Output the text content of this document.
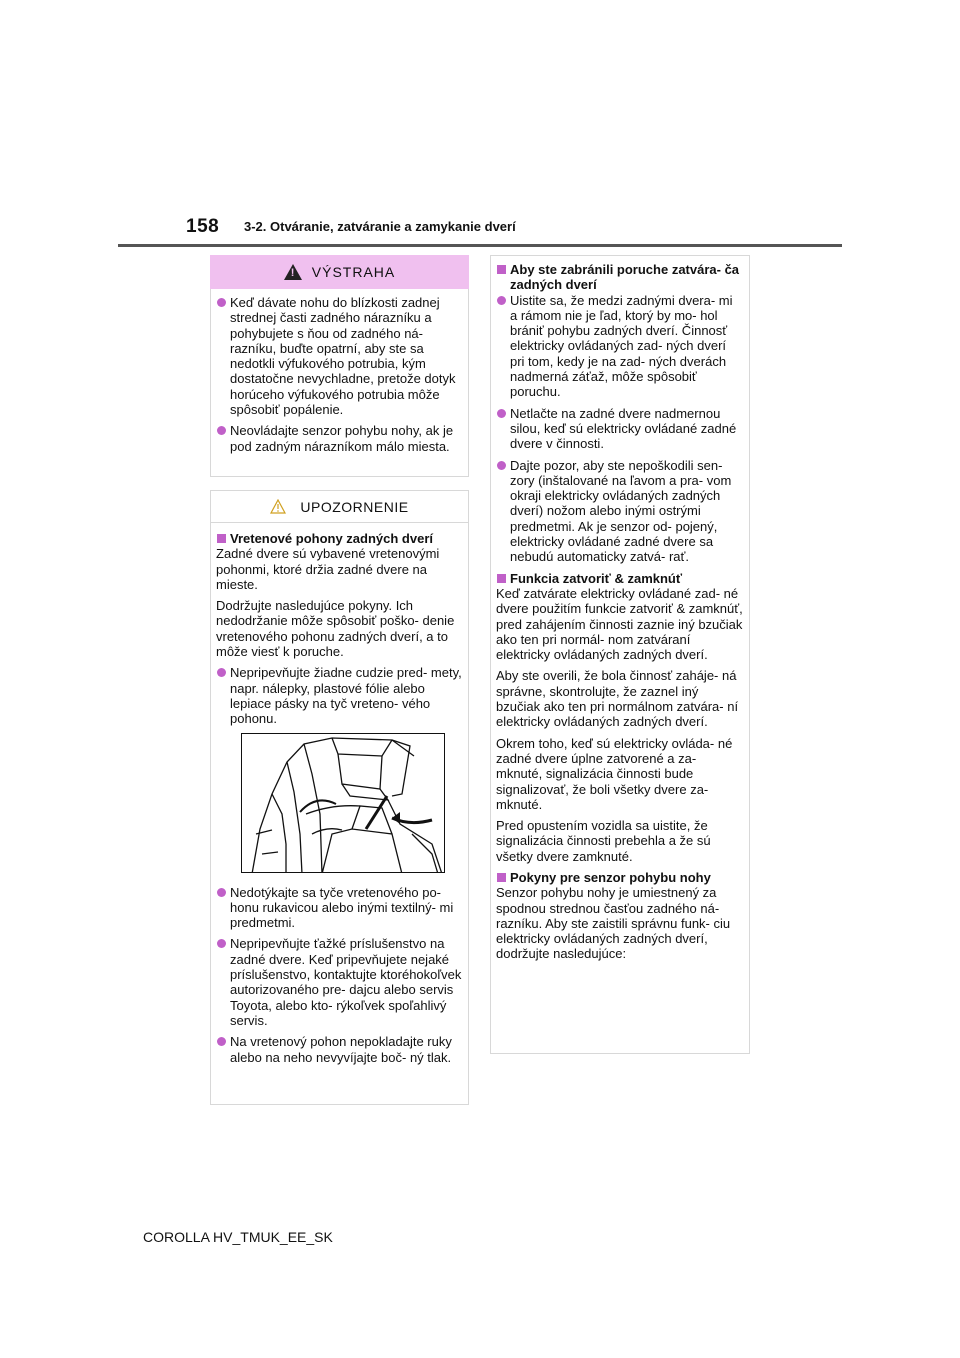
158 3-2. Otváranie, zatváranie a zamykanie dverí
!
VÝSTRAHA
Keď dávate nohu do blízkosti zadnej strednej časti zadného nárazníku a pohybujete s ňou od zadného ná- razníku, buďte opatrní, aby ste sa nedotkli výfukového potrubia, kým dostatočne nevychladne, pretože dotyk horúceho výfukového potrubia môže spôsobiť popálenie.
Neovládajte senzor pohybu nohy, ak je pod zadným nárazníkom málo miesta.
UPOZORNENIE
Vretenové pohony zadných dverí
Zadné dvere sú vybavené vretenovými pohonmi, ktoré držia zadné dvere na mieste.
Dodržujte nasledujúce pokyny. Ich nedodržanie môže spôsobiť poško- denie vretenového pohonu zadných dverí, a to môže viesť k poruche.
Nepripevňujte žiadne cudzie pred- mety, napr. nálepky, plastové fólie alebo lepiace pásky na tyč vreteno- vého pohonu.
Nedotýkajte sa tyče vretenového po- honu rukavicou alebo inými textilný- mi predmetmi.
Nepripevňujte ťažké príslušenstvo na zadné dvere. Keď pripevňujete nejaké príslušenstvo, kontaktujte ktoréhokoľvek autorizovaného pre- dajcu alebo servis Toyota, alebo kto- rýkoľvek spoľahlivý servis.
Na vretenový pohon nepokladajte ruky alebo na neho nevyvíjajte boč- ný tlak.
Aby ste zabránili poruche zatvára- ča zadných dverí
Uistite sa, že medzi zadnými dvera- mi a rámom nie je ľad, ktorý by mo- hol brániť pohybu zadných dverí. Činnosť elektricky ovládaných zad- ných dverí pri tom, kedy je na zad- ných dverách nadmerná záťaž, môže spôsobiť poruchu.
Netlačte na zadné dvere nadmernou silou, keď sú elektricky ovládané zadné dvere v činnosti.
Dajte pozor, aby ste nepoškodili sen- zory (inštalované na ľavom a pra- vom okraji elektricky ovládaných zadných dverí) nožom alebo inými ostrými predmetmi. Ak je senzor od- pojený, elektricky ovládané zadné dvere sa nebudú automaticky zatvá- rať.
Funkcia zatvoriť & zamknúť
Keď zatvárate elektricky ovládané zad- né dvere použitím funkcie zatvoriť & zamknúť, pred zahájením činnosti zaznie iný bzučiak ako ten pri normál- nom zatváraní elektricky ovládaných zadných dverí.
Aby ste overili, že bola činnosť zaháje- ná správne, skontrolujte, že zaznel iný bzučiak ako ten pri normálnom zatvára- ní elektricky ovládaných zadných dverí.
Okrem toho, keď sú elektricky ovláda- né zadné dvere úplne zatvorené a za- mknuté, signalizácia činnosti bude signalizovať, že boli všetky dvere za- mknuté.
Pred opustením vozidla sa uistite, že signalizácia činnosti prebehla a že sú všetky dvere zamknuté.
Pokyny pre senzor pohybu nohy
Senzor pohybu nohy je umiestnený za spodnou strednou časťou zadného ná- razníku. Aby ste zaistili správnu funk- ciu elektricky ovládaných zadných dverí, dodržujte nasledujúce:
COROLLA HV_TMUK_EE_SK
